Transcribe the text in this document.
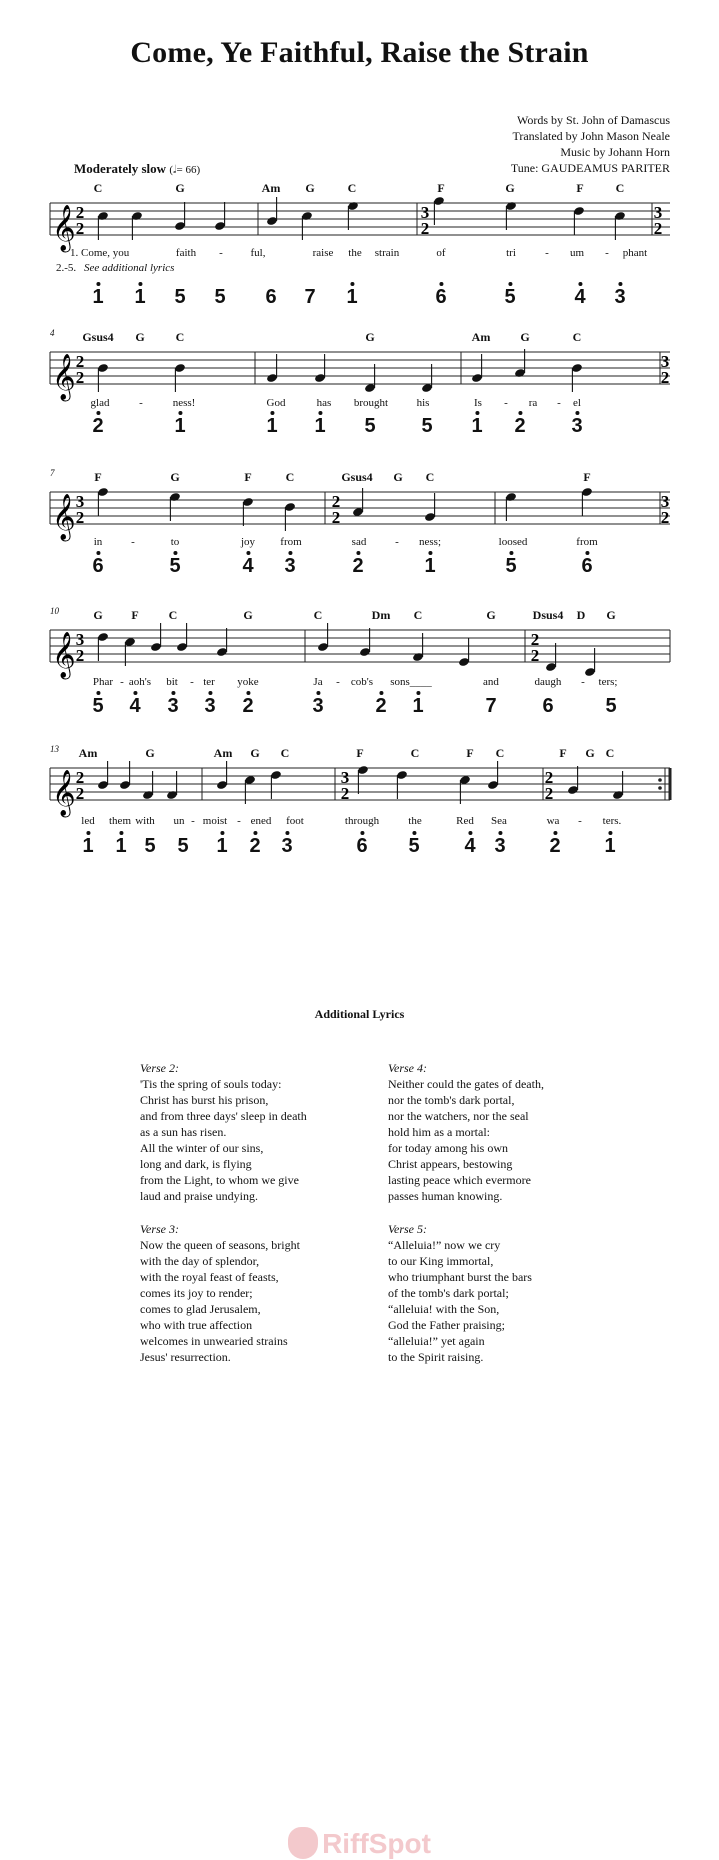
Come, Ye Faithful, Raise the Strain
Words by St. John of Damascus
Translated by John Mason Neale
Music by Johann Horn
Tune: GAUDEAMUS PARITER
Moderately slow (𝅗𝅥= 66)
𝄞 2
2
3
2
3
2
C	G	Am G	C	F	G	F	C
you	faith -	ful,	raise the strain	of	tri	- um - phant
1. Come,
2.-5. See additional lyrics
1 1 5 5 6 7 1	6	5	4 3
4
𝄞 2
2
3
2
Gsus4 G	C	G	Am G	C
glad	-	ness!	God	has brought	his	Is - ra - el
2	1	1 1 5 5 1 2 3
7
𝄞 3
2
2
2
3
2
F	G	F	C	Gsus4 G C	F
in	-	to	joy from	sad	- ness;	loosed	from
6	5	4 3	2	1	5	6
10
𝄞 3
2
2
2
G F C	G	C	Dm C	G	Dsus4 D G
Phar - aoh's bit - ter yoke	Ja - cob's sons____	and	daugh - ters;
5 4 3 3 2	3	2 1	7 6	5
13
𝄞 2
2
3
2
2
2
Am	G	Am G C	F	C	F C	F G C
led them with un - moist - ened foot	through	the	Red Sea	wa - ters.
1 1 5 5 1 2 3	6 5 4 3 2 1
Additional Lyrics
Verse 2:
'Tis the spring of souls today:
Christ has burst his prison,
and from three days' sleep in death
as a sun has risen.
All the winter of our sins,
long and dark, is flying
from the Light, to whom we give
laud and praise undying.
Verse 3:
Now the queen of seasons, bright
with the day of splendor,
with the royal feast of feasts,
comes its joy to render;
comes to glad Jerusalem,
who with true affection
welcomes in unwearied strains
Jesus' resurrection.
Verse 4:
Neither could the gates of death,
nor the tomb's dark portal,
nor the watchers, nor the seal
hold him as a mortal:
for today among his own
Christ appears, bestowing
lasting peace which evermore
passes human knowing.
Verse 5:
“Alleluia!” now we cry
to our King immortal,
who triumphant burst the bars
of the tomb's dark portal;
“alleluia! with the Son,
God the Father praising;
“alleluia!” yet again
to the Spirit raising.
RiffSpot
